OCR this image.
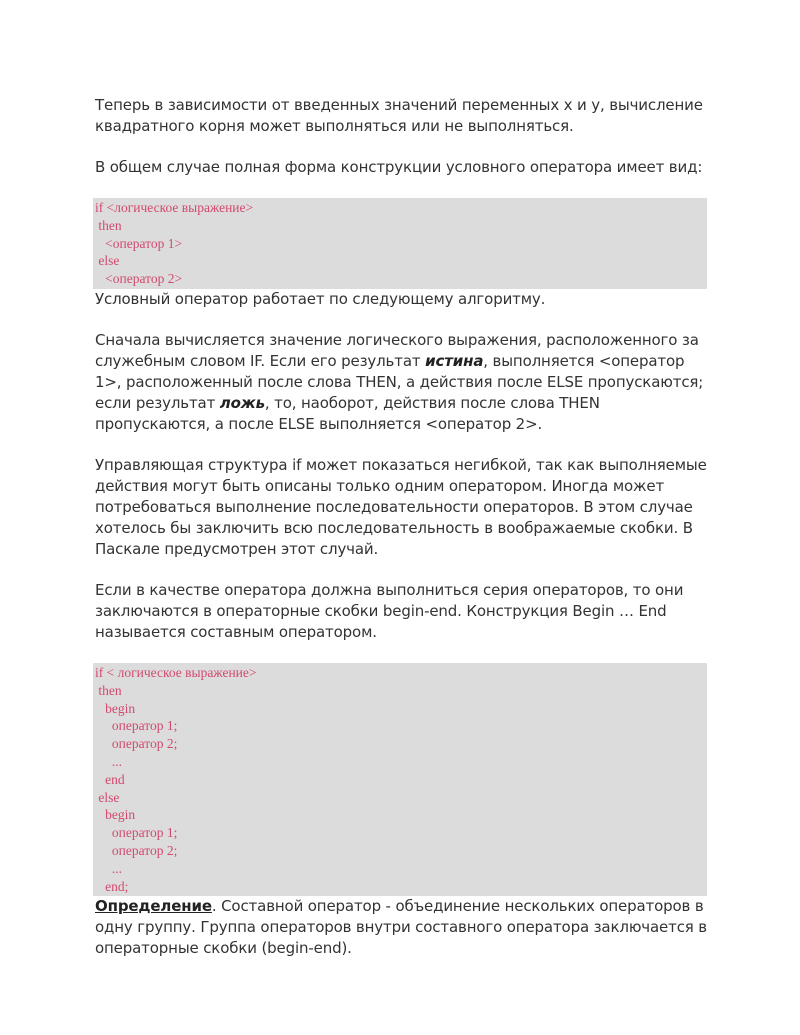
Теперь в зависимости от введенных значений переменных x и y, вычисление квадратного корня может выполняться или не выполняться.

В общем случае полная форма конструкции условного оператора имеет вид:

if <логическое выражение>
then
<оператор 1>
else
<оператор 2>

Условный оператор работает по следующему алгоритму.

Сначала вычисляется значение логического выражения, расположенного за служебным словом IF. Если его результат истина, выполняется <оператор 1>, расположенный после слова THEN, а действия после ELSE пропускаются; если результат ложь, то, наоборот, действия после слова THEN пропускаются, а после ELSE выполняется <оператор 2>.

Управляющая структура if может показаться негибкой, так как выполняемые действия могут быть описаны только одним оператором. Иногда может потребоваться выполнение последовательности операторов. В этом случае хотелось бы заключить всю последовательность в воображаемые скобки. В Паскале предусмотрен этот случай.

Если в качестве оператора должна выполниться серия операторов, то они заключаются в операторные скобки begin-end. Конструкция Begin … End называется составным оператором.

if < логическое выражение>
then
begin
оператор 1;
оператор 2;
...
end
else
begin
оператор 1;
оператор 2;
...
end;

Определение. Составной оператор - объединение нескольких операторов в одну группу. Группа операторов внутри составного оператора заключается в операторные скобки (begin-end).
